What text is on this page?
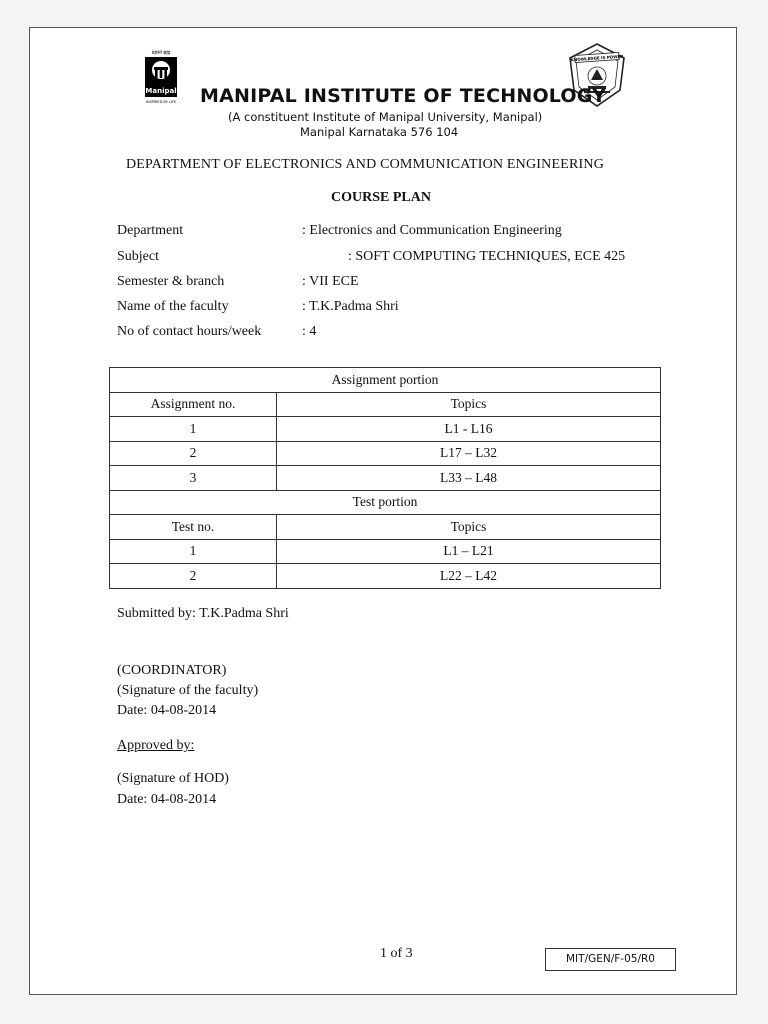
प्रज्ञानं ब्रह्म
Manipal
INSPIRED BY LIFE
KNOWLEDGE IS POWER
MANIPAL INSTITUTE OF TECHNOLOGY
(A constituent Institute of Manipal University, Manipal)
Manipal Karnataka 576 104
DEPARTMENT OF ELECTRONICS AND COMMUNICATION ENGINEERING
COURSE PLAN
Department	: Electronics and Communication Engineering
Subject	: SOFT COMPUTING TECHNIQUES, ECE 425
Semester & branch	: VII ECE
Name of the faculty	: T.K.Padma Shri
No of contact hours/week	: 4
Assignment portion	
Assignment no.	Topics
1	L1 - L16
2	L17 – L32
3	L33 – L48
Test portion	
Test no.	Topics
1	L1 – L21
2	L22 – L42
Submitted by: T.K.Padma Shri
(COORDINATOR)
(Signature of the faculty)
Date: 04-08-2014
Approved by:
(Signature of HOD)
Date: 04-08-2014
1 of 3	MIT/GEN/F-05/R0
